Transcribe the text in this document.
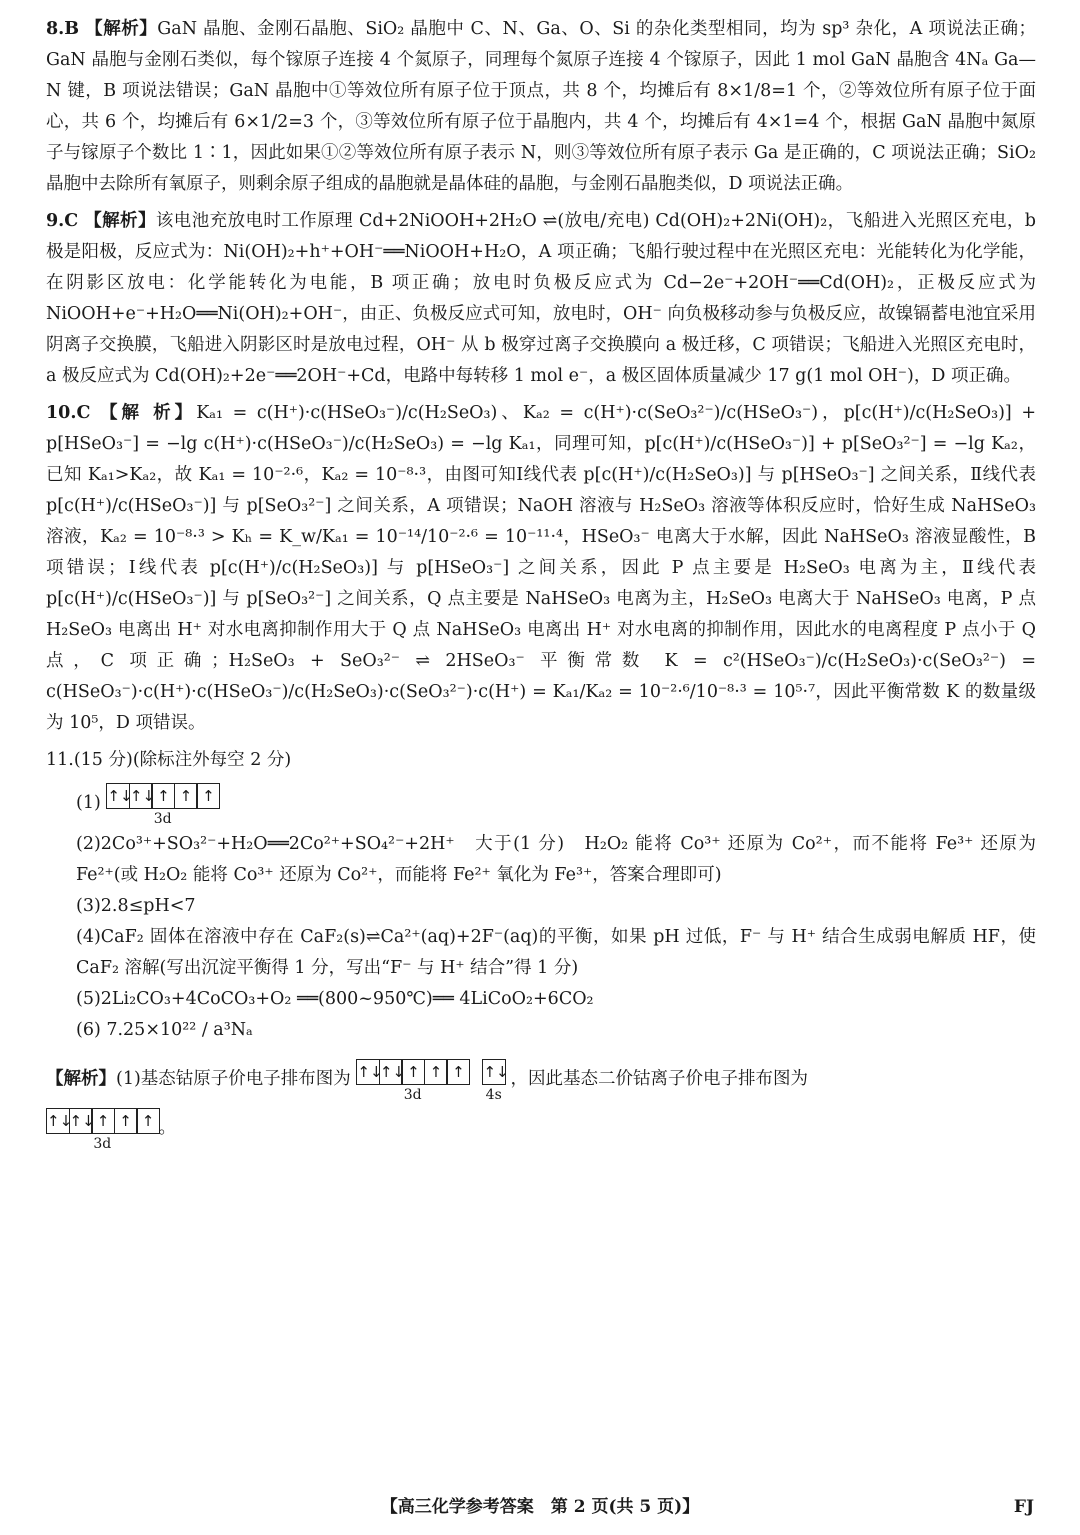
8.B 【解析】GaN 晶胞、金刚石晶胞、SiO₂ 晶胞中 C、N、Ga、O、Si 的杂化类型相同，均为 sp³ 杂化，A 项说法正确；GaN 晶胞与金刚石类似，每个镓原子连接 4 个氮原子，同理每个氮原子连接 4 个镓原子，因此 1 mol GaN 晶胞含 4Nₐ Ga—N 键，B 项说法错误；GaN 晶胞中①等效位所有原子位于顶点，共 8 个，均摊后有 8×1/8=1 个，②等效位所有原子位于面心，共 6 个，均摊后有 6×1/2=3 个，③等效位所有原子位于晶胞内，共 4 个，均摊后有 4×1=4 个，根据 GaN 晶胞中氮原子与镓原子个数比 1∶1，因此如果①②等效位所有原子表示 N，则③等效位所有原子表示 Ga 是正确的，C 项说法正确；SiO₂ 晶胞中去除所有氧原子，则剩余原子组成的晶胞就是晶体硅的晶胞，与金刚石晶胞类似，D 项说法正确。

9.C 【解析】该电池充放电时工作原理 Cd+2NiOOH+2H₂O ⇌(放电/充电) Cd(OH)₂+2Ni(OH)₂，飞船进入光照区充电，b 极是阳极，反应式为：Ni(OH)₂+h⁺+OH⁻══NiOOH+H₂O，A 项正确；飞船行驶过程中在光照区充电：光能转化为化学能，在阴影区放电：化学能转化为电能，B 项正确；放电时负极反应式为 Cd−2e⁻+2OH⁻══Cd(OH)₂，正极反应式为 NiOOH+e⁻+H₂O══Ni(OH)₂+OH⁻，由正、负极反应式可知，放电时，OH⁻ 向负极移动参与负极反应，故镍镉蓄电池宜采用阴离子交换膜，飞船进入阴影区时是放电过程，OH⁻ 从 b 极穿过离子交换膜向 a 极迁移，C 项错误；飞船进入光照区充电时，a 极反应式为 Cd(OH)₂+2e⁻══2OH⁻+Cd，电路中每转移 1 mol e⁻，a 极区固体质量减少 17 g(1 mol OH⁻)，D 项正确。

10.C 【解 析】Kₐ₁ = c(H⁺)·c(HSeO₃⁻)/c(H₂SeO₃)、Kₐ₂ = c(H⁺)·c(SeO₃²⁻)/c(HSeO₃⁻)，p[c(H⁺)/c(H₂SeO₃)] + p[HSeO₃⁻] = −lg c(H⁺)·c(HSeO₃⁻)/c(H₂SeO₃) = −lg Kₐ₁，同理可知，p[c(H⁺)/c(HSeO₃⁻)] + p[SeO₃²⁻] = −lg Kₐ₂，已知 Kₐ₁>Kₐ₂，故 Kₐ₁ = 10⁻²·⁶，Kₐ₂ = 10⁻⁸·³，由图可知Ⅰ线代表 p[c(H⁺)/c(H₂SeO₃)] 与 p[HSeO₃⁻] 之间关系，Ⅱ线代表 p[c(H⁺)/c(HSeO₃⁻)] 与 p[SeO₃²⁻] 之间关系，A 项错误；NaOH 溶液与 H₂SeO₃ 溶液等体积反应时，恰好生成 NaHSeO₃ 溶液，Kₐ₂ = 10⁻⁸·³ > Kₕ = K_w/Kₐ₁ = 10⁻¹⁴/10⁻²·⁶ = 10⁻¹¹·⁴，HSeO₃⁻ 电离大于水解，因此 NaHSeO₃ 溶液显酸性，B 项错误；Ⅰ线代表 p[c(H⁺)/c(H₂SeO₃)] 与 p[HSeO₃⁻] 之间关系，因此 P 点主要是 H₂SeO₃ 电离为主，Ⅱ线代表 p[c(H⁺)/c(HSeO₃⁻)] 与 p[SeO₃²⁻] 之间关系，Q 点主要是 NaHSeO₃ 电离为主，H₂SeO₃ 电离大于 NaHSeO₃ 电离，P 点 H₂SeO₃ 电离出 H⁺ 对水电离抑制作用大于 Q 点 NaHSeO₃ 电离出 H⁺ 对水电离的抑制作用，因此水的电离程度 P 点小于 Q 点，C 项正确；H₂SeO₃ + SeO₃²⁻ ⇌ 2HSeO₃⁻ 平衡常数 K = c²(HSeO₃⁻)/c(H₂SeO₃)·c(SeO₃²⁻) = c(HSeO₃⁻)·c(H⁺)·c(HSeO₃⁻)/c(H₂SeO₃)·c(SeO₃²⁻)·c(H⁺) = Kₐ₁/Kₐ₂ = 10⁻²·⁶/10⁻⁸·³ = 10⁵·⁷，因此平衡常数 K 的数量级为 10⁵，D 项错误。

11.(15 分)(除标注外每空 2 分)

(1) ↑↓↑↓ ↑ ↑ ↑
3d

(2)2Co³⁺+SO₃²⁻+H₂O══2Co²⁺+SO₄²⁻+2H⁺　大于(1 分)　H₂O₂ 能将 Co³⁺ 还原为 Co²⁺，而不能将 Fe³⁺ 还原为 Fe²⁺(或 H₂O₂ 能将 Co³⁺ 还原为 Co²⁺，而能将 Fe²⁺ 氧化为 Fe³⁺，答案合理即可)

(3)2.8≤pH<7

(4)CaF₂ 固体在溶液中存在 CaF₂(s)⇌Ca²⁺(aq)+2F⁻(aq)的平衡，如果 pH 过低，F⁻ 与 H⁺ 结合生成弱电解质 HF，使 CaF₂ 溶解(写出沉淀平衡得 1 分，写出“F⁻ 与 H⁺ 结合”得 1 分)

(5)2Li₂CO₃+4CoCO₃+O₂ ══(800~950℃)══ 4LiCoO₂+6CO₂

(6) 7.25×10²² / a³Nₐ

【解析】(1)基态钴原子价电子排布图为 ↑↓↑↓ ↑ ↑ ↑
3d
↑↓
4s
，因此基态二价钴离子价电子排布图为

↑↓↑↓ ↑ ↑ ↑
3d
。

【高三化学参考答案　第 2 页(共 5 页)】	FJ
